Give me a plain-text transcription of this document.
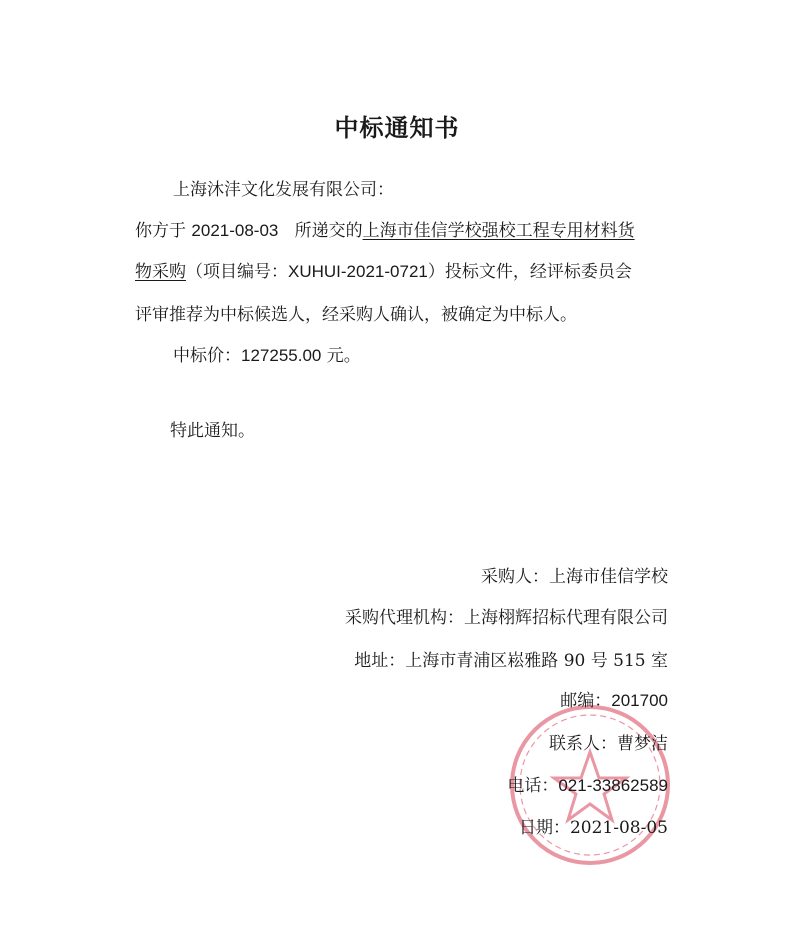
中标通知书
上海沐沣文化发展有限公司：
你方于 2021-08-03 所递交的上海市佳信学校强校工程专用材料货
物采购（项目编号：XUHUI-2021-0721）投标文件，经评标委员会
评审推荐为中标候选人，经采购人确认，被确定为中标人。
中标价：127255.00 元。
特此通知。
采购人：上海市佳信学校
采购代理机构：上海栩辉招标代理有限公司
地址：上海市青浦区崧雅路 90 号 515 室
邮编：201700
联系人：曹梦洁
电话：021-33862589
日期：2021-08-05
